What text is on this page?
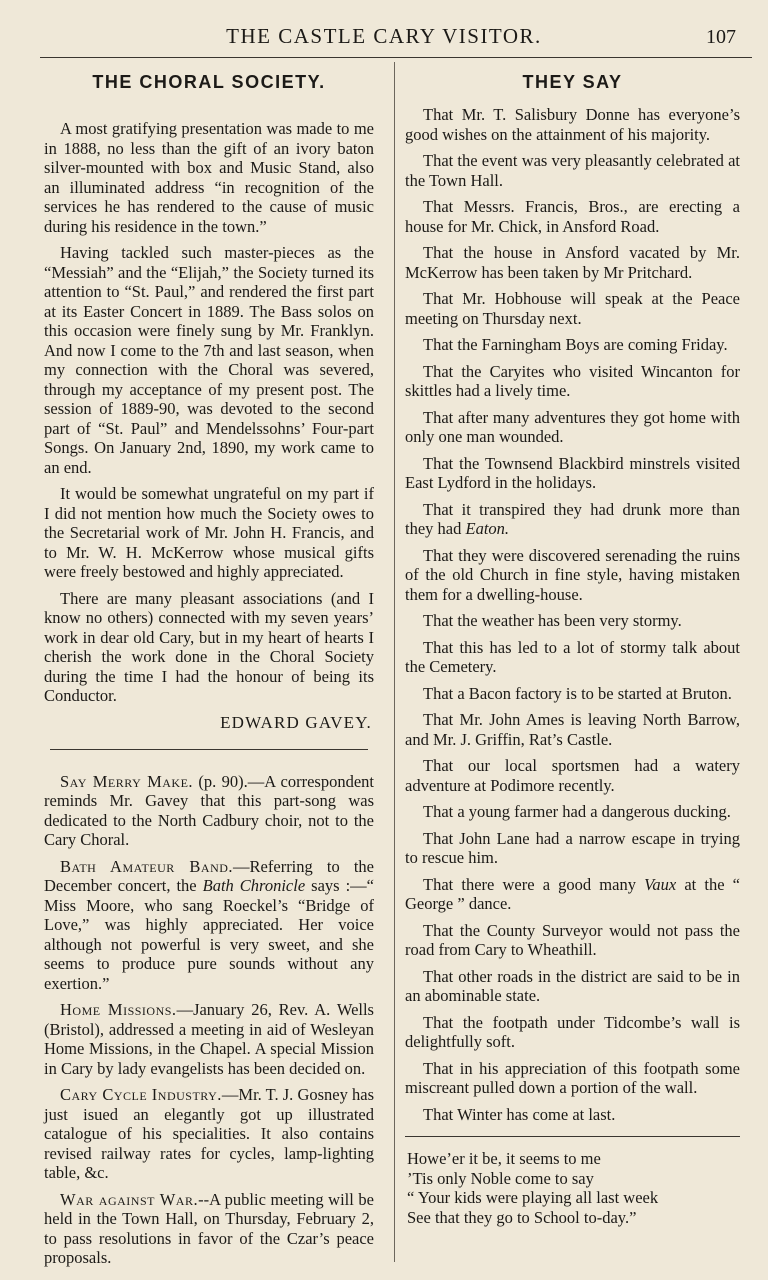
THE CASTLE CARY VISITOR.	107
THE CHORAL SOCIETY.

A most gratifying presentation was made to me in 1888, no less than the gift of an ivory baton silver-mounted with box and Music Stand, also an illuminated address “in recognition of the services he has rendered to the cause of music during his residence in the town.”

Having tackled such master-pieces as the “Messiah” and the “Elijah,” the Society turned its attention to “St. Paul,” and rendered the first part at its Easter Concert in 1889. The Bass solos on this occasion were finely sung by Mr. Franklyn. And now I come to the 7th and last season, when my connection with the Choral was severed, through my acceptance of my present post. The session of 1889-90, was devoted to the second part of “St. Paul” and Mendelssohns’ Four-part Songs. On January 2nd, 1890, my work came to an end.

It would be somewhat ungrateful on my part if I did not mention how much the Society owes to the Secretarial work of Mr. John H. Francis, and to Mr. W. H. McKerrow whose musical gifts were freely bestowed and highly appreciated.

There are many pleasant associations (and I know no others) connected with my seven years’ work in dear old Cary, but in my heart of hearts I cherish the work done in the Choral Society during the time I had the honour of being its Conductor.

EDWARD GAVEY.

Say Merry Make. (p. 90).—A correspondent reminds Mr. Gavey that this part-song was dedicated to the North Cadbury choir, not to the Cary Choral.

Bath Amateur Band.—Referring to the December concert, the Bath Chronicle says :—“ Miss Moore, who sang Roeckel’s “Bridge of Love,” was highly appreciated. Her voice although not powerful is very sweet, and she seems to produce pure sounds without any exertion.”

Home Missions.—January 26, Rev. A. Wells (Bristol), addressed a meeting in aid of Wesleyan Home Missions, in the Chapel. A special Mission in Cary by lady evangelists has been decided on.

Cary Cycle Industry.—Mr. T. J. Gosney has just isued an elegantly got up illustrated catalogue of his specialities. It also contains revised railway rates for cycles, lamp-lighting table, &c.

War against War.--A public meeting will be held in the Town Hall, on Thursday, February 2, to pass resolutions in favor of the Czar’s peace proposals.

THEY SAY

That Mr. T. Salisbury Donne has everyone’s good wishes on the attainment of his majority.

That the event was very pleasantly celebrated at the Town Hall.

That Messrs. Francis, Bros., are erecting a house for Mr. Chick, in Ansford Road.

That the house in Ansford vacated by Mr. McKerrow has been taken by Mr Pritchard.

That Mr. Hobhouse will speak at the Peace meeting on Thursday next.

That the Farningham Boys are coming Friday.

That the Caryites who visited Wincanton for skittles had a lively time.

That after many adventures they got home with only one man wounded.

That the Townsend Blackbird minstrels visited East Lydford in the holidays.

That it transpired they had drunk more than they had Eaton.

That they were discovered serenading the ruins of the old Church in fine style, having mistaken them for a dwelling-house.

That the weather has been very stormy.

That this has led to a lot of stormy talk about the Cemetery.

That a Bacon factory is to be started at Bruton.

That Mr. John Ames is leaving North Barrow, and Mr. J. Griffin, Rat’s Castle.

That our local sportsmen had a watery adventure at Podimore recently.

That a young farmer had a dangerous ducking.

That John Lane had a narrow escape in trying to rescue him.

That there were a good many Vaux at the “ George ” dance.

That the County Surveyor would not pass the road from Cary to Wheathill.

That other roads in the district are said to be in an abominable state.

That the footpath under Tidcombe’s wall is delightfully soft.

That in his appreciation of this footpath some miscreant pulled down a portion of the wall.

That Winter has come at last.

Howe’er it be, it seems to me
’Tis only Noble come to say
“ Your kids were playing all last week
See that they go to School to-day.”
